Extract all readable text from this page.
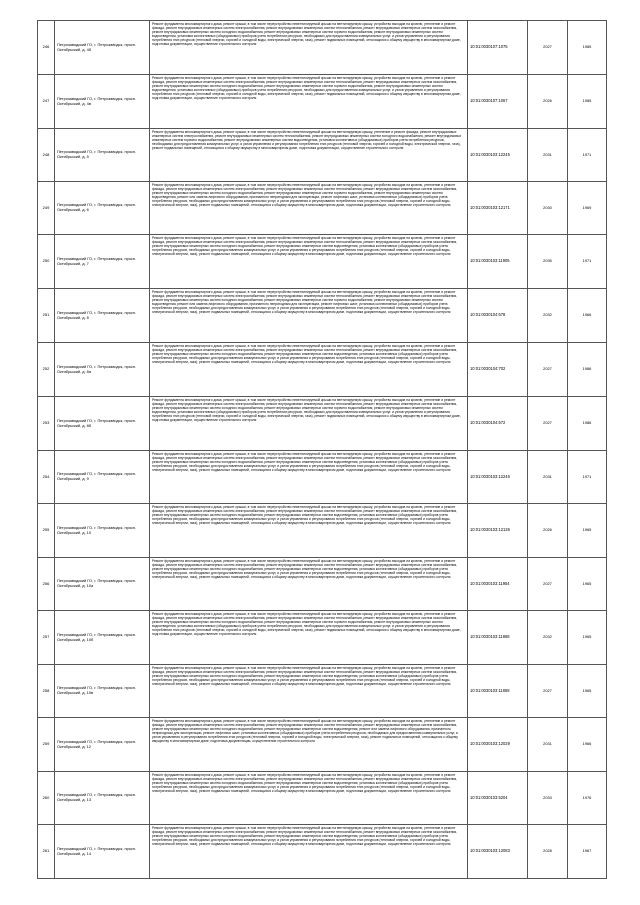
246	Петрозаводский ГО, г. Петрозаводск, просп. Октябрьский, д. 4б	Ремонт фундамента многоквартирного дома, ремонт крыши, в том числе переустройство невентилируемой крыши на вентилируемую крышу, устройство выходов на кровлю, утепление и ремонт фасада, ремонт внутридомовых инженерных систем электроснабжения, ремонт внутридомовых инженерных систем теплоснабжения, ремонт внутридомовых инженерных систем газоснабжения, ремонт внутридомовых инженерных систем холодного водоснабжения, ремонт внутридомовых инженерных систем горячего водоснабжения, ремонт внутридомовых инженерных систем водоотведения, установка коллективных (общедомовых) приборов учета потребления ресурсов, необходимых для предоставления коммунальных услуг, и узлов управления и регулирования потребления этих ресурсов (тепловой энергии, горячей и холодной воды, электрической энергии, газа), ремонт подвальных помещений, относящихся к общему имуществу в многоквартирном доме, подготовка документации, осуществление строительного контроля	10:01:0030107:1075	2027	1985
247	Петрозаводский ГО, г. Петрозаводск, просп. Октябрьский, д. 4в	Ремонт фундамента многоквартирного дома, ремонт крыши, в том числе переустройство невентилируемой крыши на вентилируемую крышу, устройство выходов на кровлю, утепление и ремонт фасада, ремонт внутридомовых инженерных систем электроснабжения, ремонт внутридомовых инженерных систем теплоснабжения, ремонт внутридомовых инженерных систем газоснабжения, ремонт внутридомовых инженерных систем холодного водоснабжения, ремонт внутридомовых инженерных систем горячего водоснабжения, ремонт внутридомовых инженерных систем водоотведения, установка коллективных (общедомовых) приборов учета потребления ресурсов, необходимых для предоставления коммунальных услуг, и узлов управления и регулирования потребления этих ресурсов (тепловой энергии, горячей и холодной воды, электрической энергии, газа), ремонт подвальных помещений, относящихся к общему имуществу в многоквартирном доме, подготовка документации, осуществление строительного контроля	10:01:0030107:1067	2026	1985
248	Петрозаводский ГО, г. Петрозаводск, просп. Октябрьский, д. 5	Ремонт фундамента многоквартирного дома, ремонт крыши, в том числе переустройство невентилируемой крыши на вентилируемую крышу, утепление и ремонт фасада, ремонт внутридомовых инженерных систем электроснабжения, ремонт внутридомовых инженерных систем теплоснабжения, ремонт внутридомовых инженерных систем холодного водоснабжения, ремонт внутридомовых инженерных систем горячего водоснабжения, ремонт внутридомовых инженерных систем водоотведения, установка коллективных (общедомовых) приборов учета потребления ресурсов, необходимых для предоставления коммунальных услуг, и узлов управления и регулирования потребления этих ресурсов (тепловой энергии, горячей и холодной воды, электрической энергии, газа), ремонт подвальных помещений, относящихся к общему имуществу в многоквартирном доме, подготовка документации, осуществление строительного контроля	10:01:0030103:12245	2031	1971
249	Петрозаводский ГО, г. Петрозаводск, просп. Октябрьский, д. 6	Ремонт фундамента многоквартирного дома, ремонт крыши, в том числе переустройство невентилируемой крыши на вентилируемую крышу, устройство выходов на кровлю, утепление и ремонт фасада, ремонт внутридомовых инженерных систем электроснабжения, ремонт внутридомовых инженерных систем теплоснабжения, ремонт внутридомовых инженерных систем газоснабжения, ремонт внутридомовых инженерных систем холодного водоснабжения, ремонт внутридомовых инженерных систем горячего водоснабжения, ремонт внутридомовых инженерных систем водоотведения, ремонт или замена лифтового оборудования, признанного непригодным для эксплуатации, ремонт лифтовых шахт, установка коллективных (общедомовых) приборов учета потребления ресурсов, необходимых для предоставления коммунальных услуг, и узлов управления и регулирования потребления этих ресурсов (тепловой энергии, горячей и холодной воды, электрической энергии, газа), ремонт подвальных помещений, относящихся к общему имуществу в многоквартирном доме, подготовка документации, осуществление строительного контроля	10:01:0030103:12171	2030	1969
250	Петрозаводский ГО, г. Петрозаводск, просп. Октябрьский, д. 7	Ремонт фундамента многоквартирного дома, ремонт крыши, в том числе переустройство невентилируемой крыши на вентилируемую крышу, устройство выходов на кровлю, утепление и ремонт фасада, ремонт внутридомовых инженерных систем электроснабжения, ремонт внутридомовых инженерных систем теплоснабжения, ремонт внутридомовых инженерных систем газоснабжения, ремонт внутридомовых инженерных систем холодного водоснабжения, ремонт внутридомовых инженерных систем водоотведения, установка коллективных (общедомовых) приборов учета потребления ресурсов, необходимых для предоставления коммунальных услуг, и узлов управления и регулирования потребления этих ресурсов (тепловой энергии, горячей и холодной воды, электрической энергии, газа), ремонт подвальных помещений, относящихся к общему имуществу в многоквартирном доме, подготовка документации, осуществление строительного контроля	10:01:0030103:11905	2035	1971
251	Петрозаводский ГО, г. Петрозаводск, просп. Октябрьский, д. 8	Ремонт фундамента многоквартирного дома, ремонт крыши, в том числе переустройство невентилируемой крыши на вентилируемую крышу, устройство выходов на кровлю, утепление и ремонт фасада, ремонт внутридомовых инженерных систем электроснабжения, ремонт внутридомовых инженерных систем теплоснабжения, ремонт внутридомовых инженерных систем газоснабжения, ремонт внутридомовых инженерных систем холодного водоснабжения, ремонт внутридомовых инженерных систем горячего водоснабжения, ремонт внутридомовых инженерных систем водоотведения, ремонт или замена лифтового оборудования, признанного непригодным для эксплуатации, ремонт лифтовых шахт, установка коллективных (общедомовых) приборов учета потребления ресурсов, необходимых для предоставления коммунальных услуг, и узлов управления и регулирования потребления этих ресурсов (тепловой энергии, горячей и холодной воды, электрической энергии, газа), ремонт подвальных помещений, относящихся к общему имуществу в многоквартирном доме, подготовка документации, осуществление строительного контроля	10:01:0030104:678	2032	1966
252	Петрозаводский ГО, г. Петрозаводск, просп. Октябрьский, д. 8а	Ремонт фундамента многоквартирного дома, ремонт крыши, в том числе переустройство невентилируемой крыши на вентилируемую крышу, устройство выходов на кровлю, утепление и ремонт фасада, ремонт внутридомовых инженерных систем электроснабжения, ремонт внутридомовых инженерных систем теплоснабжения, ремонт внутридомовых инженерных систем газоснабжения, ремонт внутридомовых инженерных систем холодного водоснабжения, ремонт внутридомовых инженерных систем водоотведения, установка коллективных (общедомовых) приборов учета потребления ресурсов, необходимых для предоставления коммунальных услуг, и узлов управления и регулирования потребления этих ресурсов (тепловой энергии, горячей и холодной воды, электрической энергии, газа), ремонт подвальных помещений, относящихся к общему имуществу в многоквартирном доме, подготовка документации, осуществление строительного контроля	10:01:0030104:702	2027	1986
253	Петрозаводский ГО, г. Петрозаводск, просп. Октябрьский, д. 8б	Ремонт фундамента многоквартирного дома, ремонт крыши, в том числе переустройство невентилируемой крыши на вентилируемую крышу, устройство выходов на кровлю, утепление и ремонт фасада, ремонт внутридомовых инженерных систем электроснабжения, ремонт внутридомовых инженерных систем теплоснабжения, ремонт внутридомовых инженерных систем газоснабжения, ремонт внутридомовых инженерных систем холодного водоснабжения, ремонт внутридомовых инженерных систем горячего водоснабжения, ремонт внутридомовых инженерных систем водоотведения, установка коллективных (общедомовых) приборов учета потребления ресурсов, необходимых для предоставления коммунальных услуг, и узлов управления и регулирования потребления этих ресурсов (тепловой энергии, горячей и холодной воды, электрической энергии, газа), ремонт подвальных помещений, относящихся к общему имуществу в многоквартирном доме, подготовка документации, осуществление строительного контроля	10:01:0030104:672	2027	1986
254	Петрозаводский ГО, г. Петрозаводск, просп. Октябрьский, д. 9	Ремонт фундамента многоквартирного дома, ремонт крыши, в том числе переустройство невентилируемой крыши на вентилируемую крышу, устройство выходов на кровлю, утепление и ремонт фасада, ремонт внутридомовых инженерных систем электроснабжения, ремонт внутридомовых инженерных систем теплоснабжения, ремонт внутридомовых инженерных систем газоснабжения, ремонт внутридомовых инженерных систем холодного водоснабжения, ремонт внутридомовых инженерных систем водоотведения, установка коллективных (общедомовых) приборов учета потребления ресурсов, необходимых для предоставления коммунальных услуг, и узлов управления и регулирования потребления этих ресурсов (тепловой энергии, горячей и холодной воды, электрической энергии, газа), ремонт подвальных помещений, относящихся к общему имуществу в многоквартирном доме, подготовка документации, осуществление строительного контроля	10:01:0030103:12246	2031	1971
255	Петрозаводский ГО, г. Петрозаводск, просп. Октябрьский, д. 10	Ремонт фундамента многоквартирного дома, ремонт крыши, в том числе переустройство невентилируемой крыши на вентилируемую крышу, устройство выходов на кровлю, утепление и ремонт фасада, ремонт внутридомовых инженерных систем электроснабжения, ремонт внутридомовых инженерных систем теплоснабжения, ремонт внутридомовых инженерных систем газоснабжения, ремонт внутридомовых инженерных систем холодного водоснабжения, ремонт внутридомовых инженерных систем водоотведения, установка коллективных (общедомовых) приборов учета потребления ресурсов, необходимых для предоставления коммунальных услуг, и узлов управления и регулирования потребления этих ресурсов (тепловой энергии, горячей и холодной воды, электрической энергии, газа), ремонт подвальных помещений, относящихся к общему имуществу в многоквартирном доме, подготовка документации, осуществление строительного контроля	10:01:0030103:12136	2026	1965
256	Петрозаводский ГО, г. Петрозаводск, просп. Октябрьский, д. 10а	Ремонт фундамента многоквартирного дома, ремонт крыши, в том числе переустройство невентилируемой крыши на вентилируемую крышу, устройство выходов на кровлю, утепление и ремонт фасада, ремонт внутридомовых инженерных систем электроснабжения, ремонт внутридомовых инженерных систем теплоснабжения, ремонт внутридомовых инженерных систем газоснабжения, ремонт внутридомовых инженерных систем холодного водоснабжения, ремонт внутридомовых инженерных систем водоотведения, установка коллективных (общедомовых) приборов учета потребления ресурсов, необходимых для предоставления коммунальных услуг, и узлов управления и регулирования потребления этих ресурсов (тепловой энергии, горячей и холодной воды, электрической энергии, газа), ремонт подвальных помещений, относящихся к общему имуществу в многоквартирном доме, подготовка документации, осуществление строительного контроля	10:01:0030103:11954	2027	1965
257	Петрозаводский ГО, г. Петрозаводск, просп. Октябрьский, д. 10б	Ремонт фундамента многоквартирного дома, ремонт крыши, в том числе переустройство невентилируемой крыши на вентилируемую крышу, устройство выходов на кровлю, утепление и ремонт фасада, ремонт внутридомовых инженерных систем электроснабжения, ремонт внутридомовых инженерных систем теплоснабжения, ремонт внутридомовых инженерных систем газоснабжения, ремонт внутридомовых инженерных систем холодного водоснабжения, ремонт внутридомовых инженерных систем горячего водоснабжения, ремонт внутридомовых инженерных систем водоотведения, установка коллективных (общедомовых) приборов учета потребления ресурсов, необходимых для предоставления коммунальных услуг, и узлов управления и регулирования потребления этих ресурсов (тепловой энергии, горячей и холодной воды, электрической энергии, газа), ремонт подвальных помещений, относящихся к общему имуществу в многоквартирном доме, подготовка документации, осуществление строительного контроля	10:01:0030103:11868	2032	1965
258	Петрозаводский ГО, г. Петрозаводск, просп. Октябрьский, д. 10в	Ремонт фундамента многоквартирного дома, ремонт крыши, в том числе переустройство невентилируемой крыши на вентилируемую крышу, устройство выходов на кровлю, утепление и ремонт фасада, ремонт внутридомовых инженерных систем электроснабжения, ремонт внутридомовых инженерных систем теплоснабжения, ремонт внутридомовых инженерных систем газоснабжения, ремонт внутридомовых инженерных систем холодного водоснабжения, ремонт внутридомовых инженерных систем водоотведения, установка коллективных (общедомовых) приборов учета потребления ресурсов, необходимых для предоставления коммунальных услуг, и узлов управления и регулирования потребления этих ресурсов (тепловой энергии, горячей и холодной воды, электрической энергии, газа), ремонт подвальных помещений, относящихся к общему имуществу в многоквартирном доме, подготовка документации, осуществление строительного контроля	10:01:0030103:11868	2027	1965
259	Петрозаводский ГО, г. Петрозаводск, просп. Октябрьский, д. 12	Ремонт фундамента многоквартирного дома, ремонт крыши, в том числе переустройство невентилируемой крыши на вентилируемую крышу, устройство выходов на кровлю, утепление и ремонт фасада, ремонт внутридомовых инженерных систем электроснабжения, ремонт внутридомовых инженерных систем теплоснабжения, ремонт внутридомовых инженерных систем газоснабжения, ремонт внутридомовых инженерных систем холодного водоснабжения, ремонт внутридомовых инженерных систем водоотведения, ремонт или замена лифтового оборудования, признанного непригодным для эксплуатации, ремонт лифтовых шахт, установка коллективных (общедомовых) приборов учета потребления ресурсов, необходимых для предоставления коммунальных услуг, и узлов управления и регулирования потребления этих ресурсов (тепловой энергии, горячей и холодной воды, электрической энергии, газа), ремонт подвальных помещений, относящихся к общему имуществу в многоквартирном доме, подготовка документации, осуществление строительного контроля	10:01:0030103:12029	2031	1966
260	Петрозаводский ГО, г. Петрозаводск, просп. Октябрьский, д. 13	Ремонт фундамента многоквартирного дома, ремонт крыши, в том числе переустройство невентилируемой крыши на вентилируемую крышу, устройство выходов на кровлю, утепление и ремонт фасада, ремонт внутридомовых инженерных систем электроснабжения, ремонт внутридомовых инженерных систем теплоснабжения, ремонт внутридомовых инженерных систем газоснабжения, ремонт внутридомовых инженерных систем холодного водоснабжения, ремонт внутридомовых инженерных систем водоотведения, установка коллективных (общедомовых) приборов учета потребления ресурсов, необходимых для предоставления коммунальных услуг, и узлов управления и регулирования потребления этих ресурсов (тепловой энергии, горячей и холодной воды, электрической энергии, газа), ремонт подвальных помещений, относящихся к общему имуществу в многоквартирном доме, подготовка документации, осуществление строительного контроля	10:01:0030103:5204	2033	1976
261	Петрозаводский ГО, г. Петрозаводск, просп. Октябрьский, д. 14	Ремонт фундамента многоквартирного дома, ремонт крыши, в том числе переустройство невентилируемой крыши на вентилируемую крышу, устройство выходов на кровлю, утепление и ремонт фасада, ремонт внутридомовых инженерных систем электроснабжения, ремонт внутридомовых инженерных систем теплоснабжения, ремонт внутридомовых инженерных систем газоснабжения, ремонт внутридомовых инженерных систем холодного водоснабжения, ремонт внутридомовых инженерных систем водоотведения, установка коллективных (общедомовых) приборов учета потребления ресурсов, необходимых для предоставления коммунальных услуг, и узлов управления и регулирования потребления этих ресурсов (тепловой энергии, горячей и холодной воды, электрической энергии, газа), ремонт подвальных помещений, относящихся к общему имуществу в многоквартирном доме, подготовка документации, осуществление строительного контроля	10:01:0030103:12083	2028	1967
